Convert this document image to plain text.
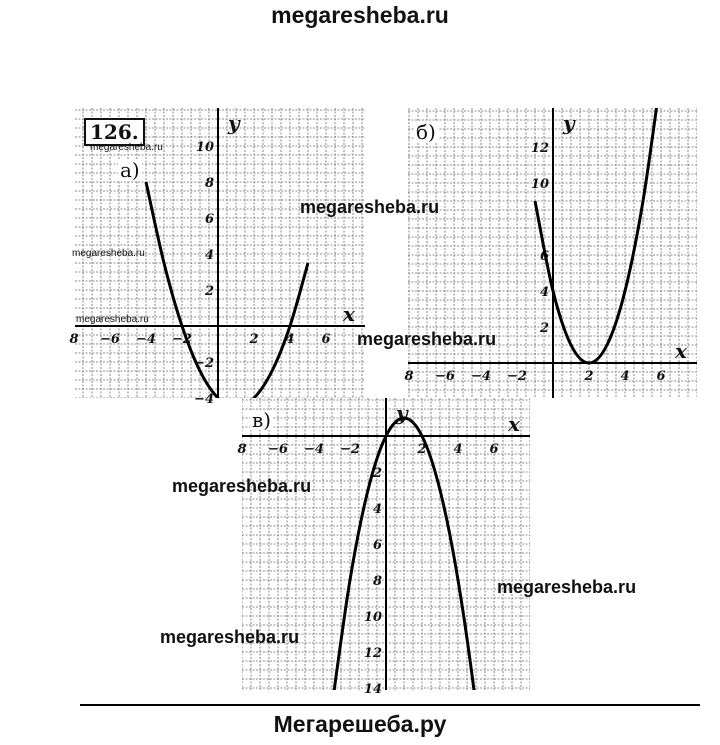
megaresheba.ru
Мегарешеба.ру
8 −6 −4 −2	2 4 6
10
8
6
4
2
−2
−4
x
y
8 −6 −4 −2	2 4 6
12
10
6
4
2
x
y
8 −6 −4 −2	2 4 6
2
4
6
8
10
12
14
x
y
126.
а)
б)
в)
megaresheba.ru
megaresheba.ru
megaresheba.ru
megaresheba.ru
megaresheba.ru
megaresheba.ru
megaresheba.ru
megaresheba.ru
